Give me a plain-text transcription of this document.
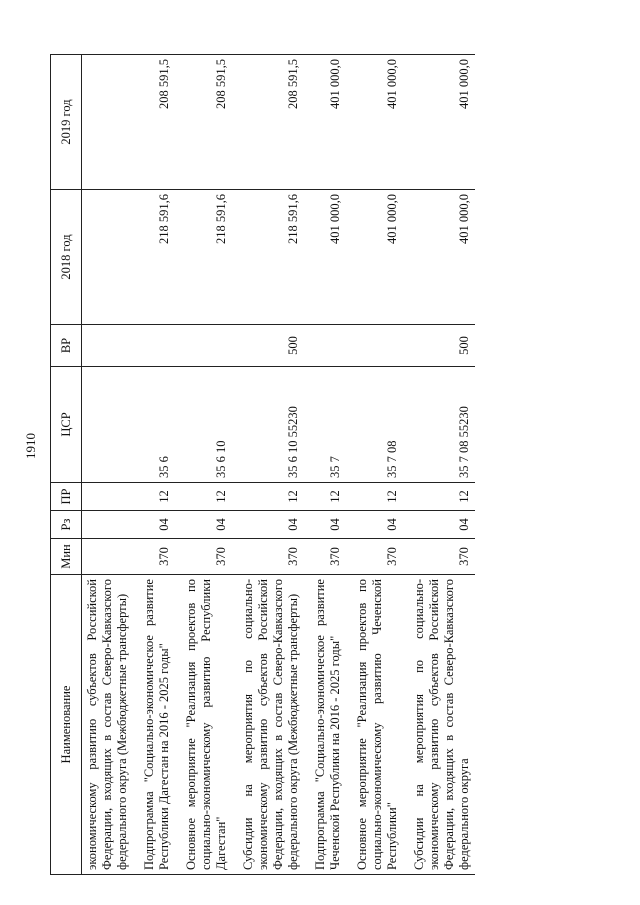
1910
Наименование	Мин	Рз	ПР	ЦСР	ВР	2018 год	2019 год
экономическому развитию субъектов Российской Федерации, входящих в состав Северо-Кавказского федерального округа (Межбюджетные трансферты)							

Подпрограмма "Социально-экономическое развитие Республики Дагестан на 2016 - 2025 годы"	370	04	12	35 6		218 591,6	208 591,5

Основное мероприятие "Реализация проектов по социально-экономическому развитию Республики Дагестан"	370	04	12	35 6 10		218 591,6	208 591,5

Субсидии на мероприятия по социально-экономическому развитию субъектов Российской Федерации, входящих в состав Северо-Кавказского федерального округа (Межбюджетные трансферты)	370	04	12	35 6 10 55230	500	218 591,6	208 591,5

Подпрограмма "Социально-экономическое развитие Чеченской Республики на 2016 - 2025 годы"	370	04	12	35 7		401 000,0	401 000,0

Основное мероприятие "Реализация проектов по социально-экономическому развитию Чеченской Республики"	370	04	12	35 7 08		401 000,0	401 000,0

Субсидии на мероприятия по социально-экономическому развитию субъектов Российской Федерации, входящих в состав Северо-Кавказского федерального округа	370	04	12	35 7 08 55230	500	401 000,0	401 000,0
